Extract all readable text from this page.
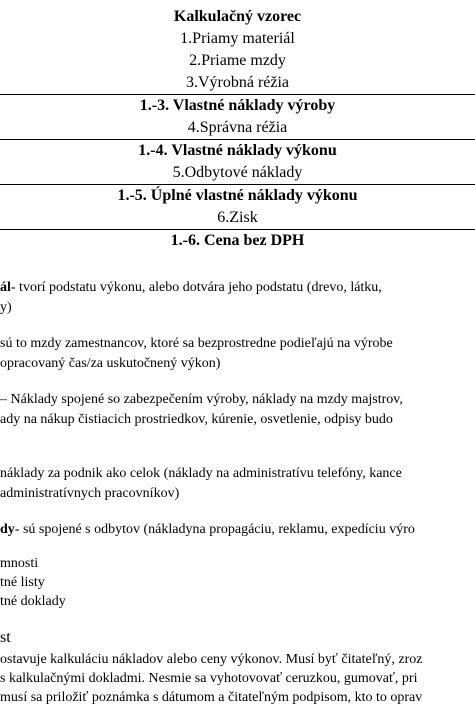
Kalkulačný vzorec
1.Priamy materiál
2.Priame mzdy
3.Výrobná réžia
1.-3. Vlastné náklady výroby
4.Správna réžia
1.-4. Vlastné náklady výkonu
5.Odbytové náklady
1.-5. Úplné vlastné náklady výkonu
6.Zisk
1.-6. Cena bez DPH
ál- tvorí podstatu výkonu, alebo dotvára jeho podstatu (drevo, látku,
y)
sú to mzdy zamestnancov, ktoré sa bezprostredne podieľajú na výrobe
opracovaný čas/za uskutočnený výkon)
– Náklady spojené so zabezpečením výroby, náklady na mzdy majstrov,
ady na nákup čistiacich prostriedkov, kúrenie, osvetlenie, odpisy budo
náklady za podnik ako celok (náklady na administratívu telefóny, kance
administratívnych pracovníkov)
dy- sú spojené s odbytov (nákladyna propagáciu, reklamu, expedíciu výro
mnosti
tné listy
tné doklady
st
ostavuje kalkuláciu nákladov alebo ceny výkonov. Musí byť čitateľný, zroz
s kalkulačnými dokladmi. Nesmie sa vyhotovovať ceruzkou, gumovať, pri
musí sa priložiť poznámka s dátumom a čitateľným podpisom, kto to oprav
